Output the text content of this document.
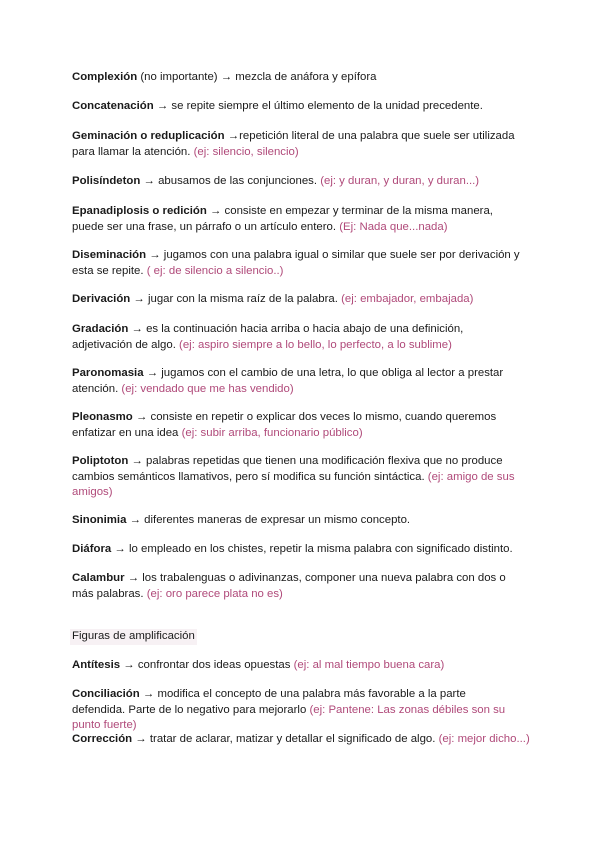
Complexión (no importante) → mezcla de anáfora y epífora

Concatenación → se repite siempre el último elemento de la unidad precedente.

Geminación o reduplicación →repetición literal de una palabra que suele ser utilizada para llamar la atención. (ej: silencio, silencio)

Polisíndeton → abusamos de las conjunciones. (ej: y duran, y duran, y duran...)

Epanadiplosis o redición → consiste en empezar y terminar de la misma manera, puede ser una frase, un párrafo o un artículo entero. (Ej: Nada que...nada)

Diseminación → jugamos con una palabra igual o similar que suele ser por derivación y esta se repite. ( ej: de silencio a silencio..)

Derivación → jugar con la misma raíz de la palabra. (ej: embajador, embajada)

Gradación → es la continuación hacia arriba o hacia abajo de una definición, adjetivación de algo. (ej: aspiro siempre a lo bello, lo perfecto, a lo sublime)

Paronomasia → jugamos con el cambio de una letra, lo que obliga al lector a prestar atención. (ej: vendado que me has vendido)

Pleonasmo → consiste en repetir o explicar dos veces lo mismo, cuando queremos enfatizar en una idea (ej: subir arriba, funcionario público)

Poliptoton → palabras repetidas que tienen una modificación flexiva que no produce cambios semánticos llamativos, pero sí modifica su función sintáctica. (ej: amigo de sus amigos)

Sinonimia → diferentes maneras de expresar un mismo concepto.

Diáfora → lo empleado en los chistes, repetir la misma palabra con significado distinto.

Calambur → los trabalenguas o adivinanzas, componer una nueva palabra con dos o más palabras. (ej: oro parece plata no es)

Figuras de amplificación

Antítesis → confrontar dos ideas opuestas (ej: al mal tiempo buena cara)

Conciliación → modifica el concepto de una palabra más favorable a la parte defendida. Parte de lo negativo para mejorarlo (ej: Pantene: Las zonas débiles son su punto fuerte)

Corrección → tratar de aclarar, matizar y detallar el significado de algo. (ej: mejor dicho...)
